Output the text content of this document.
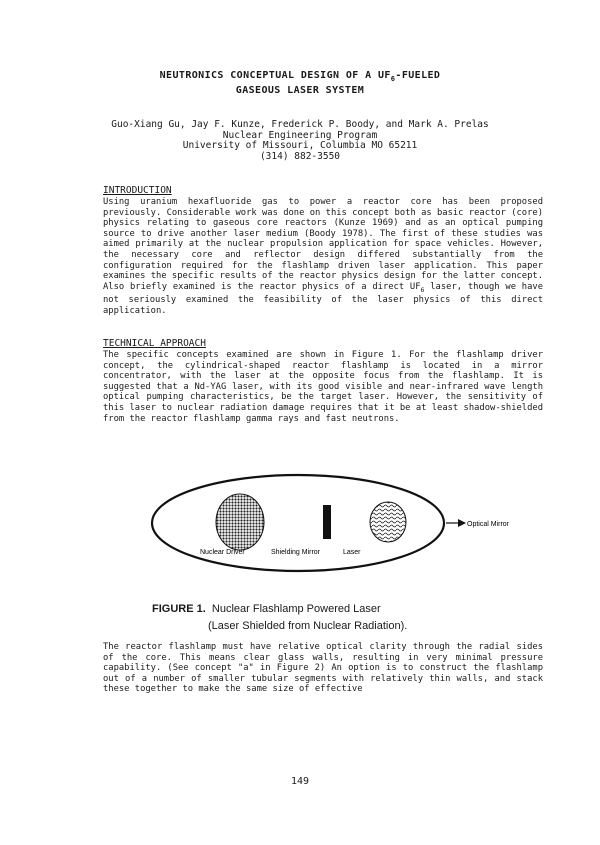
NEUTRONICS CONCEPTUAL DESIGN OF A $UF_6$-FUELED
GASEOUS LASER SYSTEM
Guo-Xiang Gu, Jay F. Kunze, Frederick P. Boody, and Mark A. Prelas
Nuclear Engineering Program
University of Missouri, Columbia MO 65211
(314) 882-3550
INTRODUCTION
Using uranium hexafluoride gas to power a reactor core has been proposed previously. Considerable work was done on this concept both as basic reactor (core) physics relating to gaseous core reactors (Kunze 1969) and as an optical pumping source to drive another laser medium (Boody 1978). The first of these studies was aimed primarily at the nuclear propulsion application for space vehicles. However, the necessary core and reflector design differed substantially from the configuration required for the flashlamp driven laser application. This paper examines the specific results of the reactor physics design for the latter concept. Also briefly examined is the reactor physics of a direct $UF_6$ laser, though we have not seriously examined the feasibility of the laser physics of this direct application.
TECHNICAL APPROACH
The specific concepts examined are shown in Figure 1. For the flashlamp driver concept, the cylindrical-shaped reactor flashlamp is located in a mirror concentrator, with the laser at the opposite focus from the flashlamp. It is suggested that a Nd-YAG laser, with its good visible and near-infrared wave length optical pumping characteristics, be the target laser. However, the sensitivity of this laser to nuclear radiation damage requires that it be at least shadow-shielded from the reactor flashlamp gamma rays and fast neutrons.
Optical Mirror
Nuclear Driver	Shielding Mirror	Laser
FIGURE 1. Nuclear Flashlamp Powered Laser
(Laser Shielded from Nuclear Radiation).
The reactor flashlamp must have relative optical clarity through the radial sides of the core. This means clear glass walls, resulting in very minimal pressure capability. (See concept "a" in Figure 2) An option is to construct the flashlamp out of a number of smaller tubular segments with relatively thin walls, and stack these together to make the same size of effective
149
